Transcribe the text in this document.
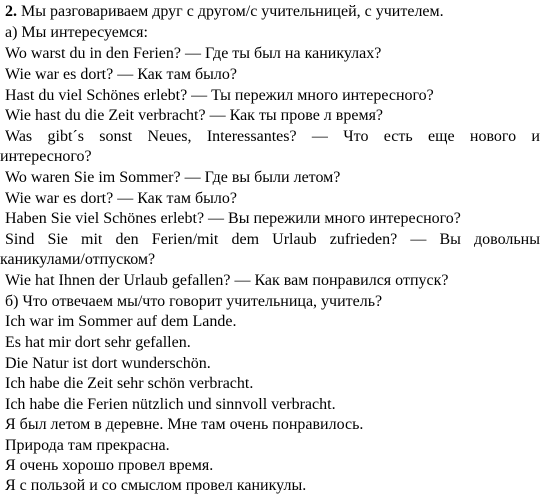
2. Мы разговариваем друг с другом/с учительницей, с учителем.
а) Мы интересуемся:
Wo warst du in den Ferien? — Где ты был на каникулах?
Wie war es dort? — Как там было?
Hast du viel Schönes erlebt? — Ты пережил много интересного?
Wie hast du die Zeit verbracht? — Как ты прове л время?
Was gibt´s sonst Neues, Interessantes? — Что есть еще нового и
интересного?
Wo waren Sie im Sommer? — Где вы были летом?
Wie war es dort? — Как там было?
Haben Sie viel Schönes erlebt? — Вы пережили много интересного?
Sind Sie mit den Ferien/mit dem Urlaub zufrieden? — Вы довольны
каникулами/отпуском?
Wie hat Ihnen der Urlaub gefallen? — Как вам понравился отпуск?
б) Что отвечаем мы/что говорит учительница, учитель?
Ich war im Sommer auf dem Lande.
Es hat mir dort sehr gefallen.
Die Natur ist dort wunderschön.
Ich habe die Zeit sehr schön verbracht.
Ich habe die Ferien nützlich und sinnvoll verbracht.
Я был летом в деревне. Мне там очень понравилось.
Природа там прекрасна.
Я очень хорошо провел время.
Я с пользой и со смыслом провел каникулы.
